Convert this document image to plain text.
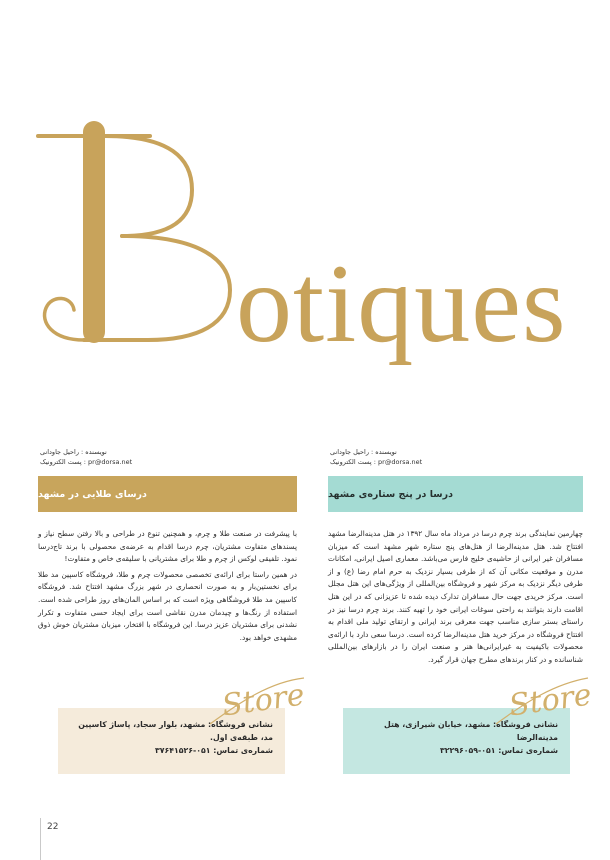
B
otiques
نویسنده : راحیل جاودانی
pr@dorsa.net : پست الکترونیک
درسای طلایی در مشهد

با پیشرفت در صنعت طلا و چرم، و همچنین تنوع در طراحی و بالا رفتن سطح نیاز و پسندهای متفاوت مشتریان، چرم درسا اقدام به عرضه‌ی محصولی با برند تاج‌درسا نمود. تلفیقی لوکس از چرم و طلا برای مشتریانی با سلیقه‌ی خاص و متفاوت!

در همین راستا برای ارائه‌ی تخصصی محصولات چرم و طلا، فروشگاه کاسپین مد طلا برای نخستین‌بار و به صورت انحصاری در شهر بزرگ مشهد افتتاح شد. فروشگاه کاسپین مد طلا فروشگاهی ویژه است که بر اساس المان‌های روز طراحی شده است. استفاده از رنگ‌ها و چیدمان مدرن نقاشی است برای ایجاد حسی متفاوت و تکرار نشدنی برای مشتریان عزیز درسا. این فروشگاه با افتخار، میزبان مشتریان خوش ذوق مشهدی خواهد بود.

نشانی فروشگاه: مشهد، بلوار سجاد، پاساژ کاسپین مد، طبقه‌ی اول.
شماره‌ی تماس: ۰۵۱-۳۷۶۴۱۵۲۶
Store
نویسنده : راحیل جاودانی
pr@dorsa.net : پست الکترونیک
درسا در پنج ستاره‌ی مشهد

چهارمین نمایندگی برند چرم درسا در مرداد ماه سال ۱۳۹۲ در هتل مدینه‌الرضا مشهد افتتاح شد. هتل مدینه‌الرضا از هتل‌های پنج ستاره شهر مشهد است که میزبان مسافران غیر ایرانی از حاشیه‌ی خلیج فارس می‌باشد. معماری اصیل ایرانی، امکانات مدرن و موقعیت مکانی آن که از طرفی بسیار نزدیک به حرم امام رضا (ع) و از طرفی دیگر نزدیک به مرکز شهر و فروشگاه بین‌المللی از ویژگی‌های این هتل مجلل است. مرکز خریدی جهت حال مسافران تدارک دیده شده تا عزیزانی که در این هتل اقامت دارند بتوانند به راحتی سوغات ایرانی خود را تهیه کنند. برند چرم درسا نیز در راستای بستر سازی مناسب جهت معرفی برند ایرانی و ارتقای تولید ملی اقدام به افتتاح فروشگاه در مرکز خرید هتل مدینه‌الرضا کرده است. درسا سعی دارد با ارائه‌ی محصولات باکیفیت به غیرایرانی‌ها هنر و صنعت ایران را در بازارهای بین‌المللی شناسانده و در کنار برندهای مطرح جهان قرار گیرد.

نشانی فروشگاه: مشهد، خیابان شیرازی، هتل مدینه‌الرضا
شماره‌ی تماس: ۰۵۱-۳۲۲۹۶۰۵۹
Store
22
